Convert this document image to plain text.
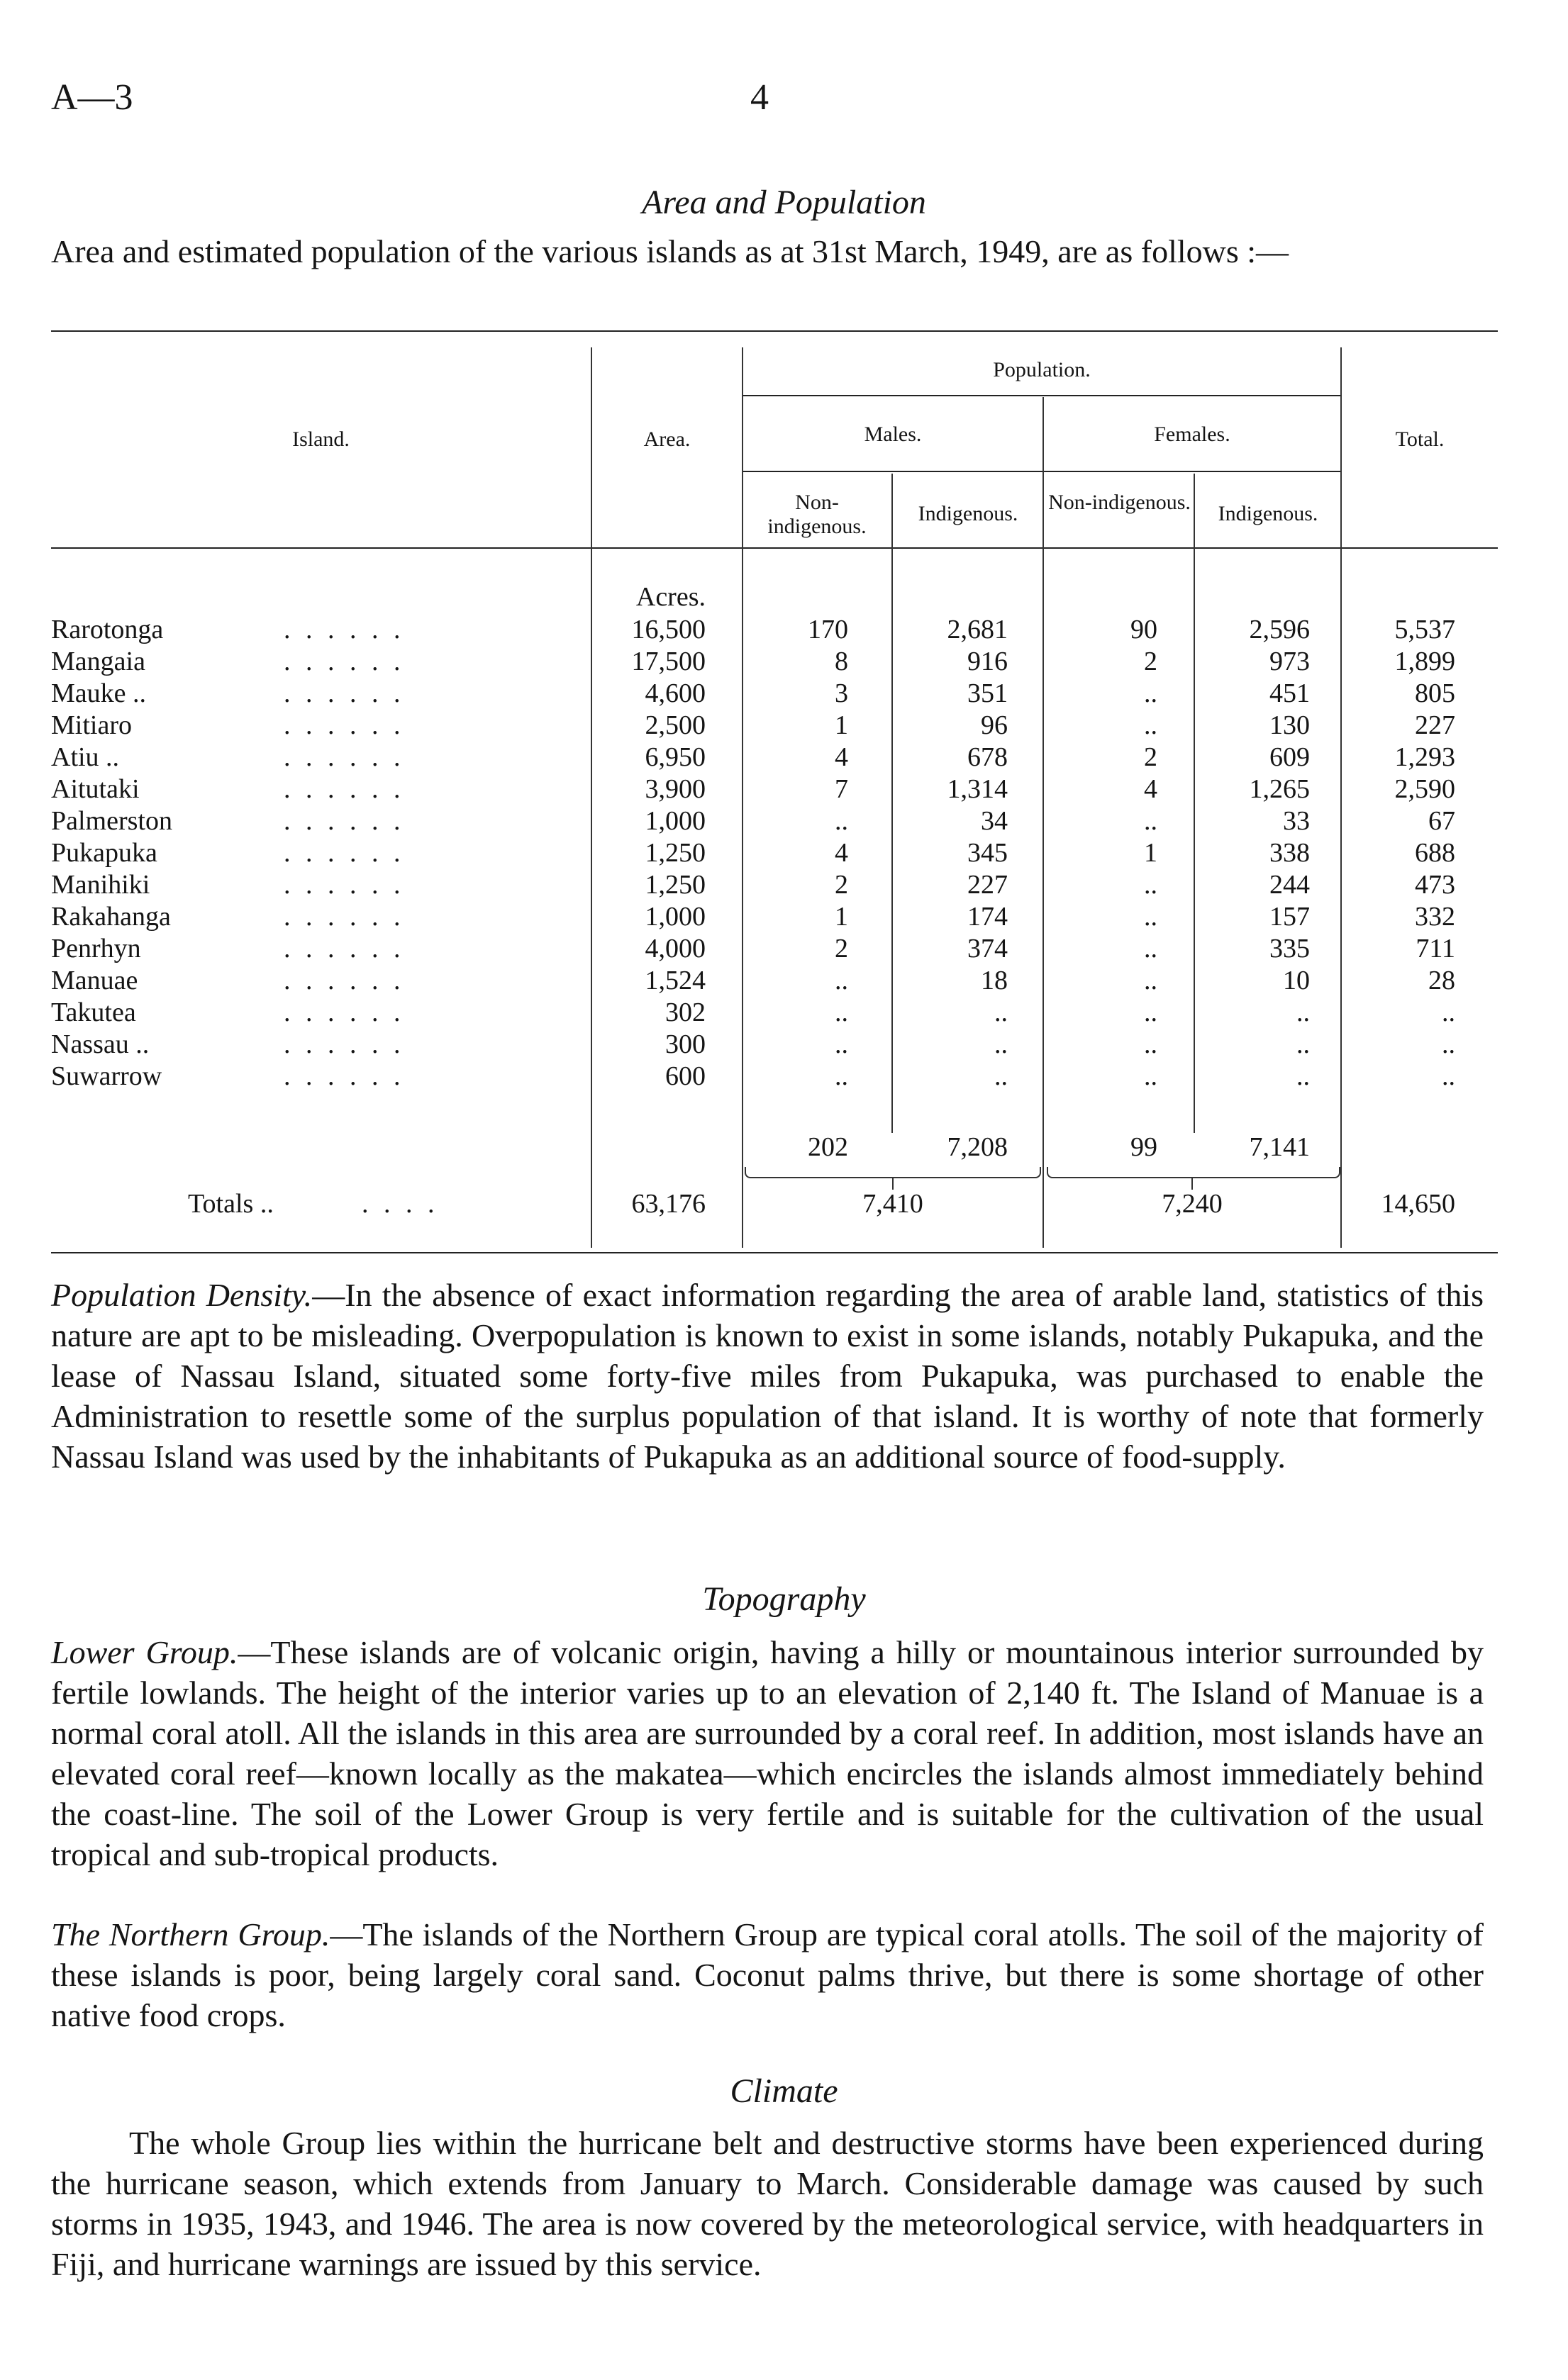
A—3	4
Area and Population

Area and estimated population of the various islands as at 31st March, 1949, are as follows :—

Island.	Area.
Population.
Males.	Females.	Total.
Non-indigenous.
Indigenous.	Non-indigenous.	Indigenous.
Acres.
Rarotonga	. . . . . .	16,500	170	2,681	90	2,596	5,537
Mangaia	. . . . . .	17,500	8	916	2	973	1,899
Mauke ..	. . . . . .	4,600	3	351	..	451	805
Mitiaro	. . . . . .	2,500	1	96	..	130	227
Atiu ..	. . . . . .	6,950	4	678	2	609	1,293
Aitutaki	. . . . . .	3,900	7	1,314	4	1,265	2,590
Palmerston	. . . . . .	1,000	..	34	..	33	67
Pukapuka	. . . . . .	1,250	4	345	1	338	688
Manihiki	. . . . . .	1,250	2	227	..	244	473
Rakahanga	. . . . . .	1,000	1	174	..	157	332
Penrhyn	. . . . . .	4,000	2	374	..	335	711
Manuae	. . . . . .	1,524	..	18	..	10	28
Takutea	. . . . . .	302	..	..	..	..	..
Nassau ..	. . . . . .	300	..	..	..	..	..
Suwarrow	. . . . . .	600	..	..	..	..	..
202	7,208	99	7,141
Totals ..	. . . .	63,176	7,410	7,240	14,650

Population Density.—In the absence of exact information regarding the area of arable land, statistics of this nature are apt to be misleading. Overpopulation is known to exist in some islands, notably Pukapuka, and the lease of Nassau Island, situated some forty-five miles from Pukapuka, was purchased to enable the Administration to resettle some of the surplus population of that island. It is worthy of note that formerly Nassau Island was used by the inhabitants of Pukapuka as an additional source of food-supply.

Topography

Lower Group.—These islands are of volcanic origin, having a hilly or mountainous interior surrounded by fertile lowlands. The height of the interior varies up to an elevation of 2,140 ft. The Island of Manuae is a normal coral atoll. All the islands in this area are surrounded by a coral reef. In addition, most islands have an elevated coral reef—known locally as the makatea—which encircles the islands almost immediately behind the coast-line. The soil of the Lower Group is very fertile and is suitable for the cultivation of the usual tropical and sub-tropical products.

The Northern Group.—The islands of the Northern Group are typical coral atolls. The soil of the majority of these islands is poor, being largely coral sand. Coconut palms thrive, but there is some shortage of other native food crops.

Climate

The whole Group lies within the hurricane belt and destructive storms have been experienced during the hurricane season, which extends from January to March. Considerable damage was caused by such storms in 1935, 1943, and 1946. The area is now covered by the meteorological service, with headquarters in Fiji, and hurricane warnings are issued by this service.
